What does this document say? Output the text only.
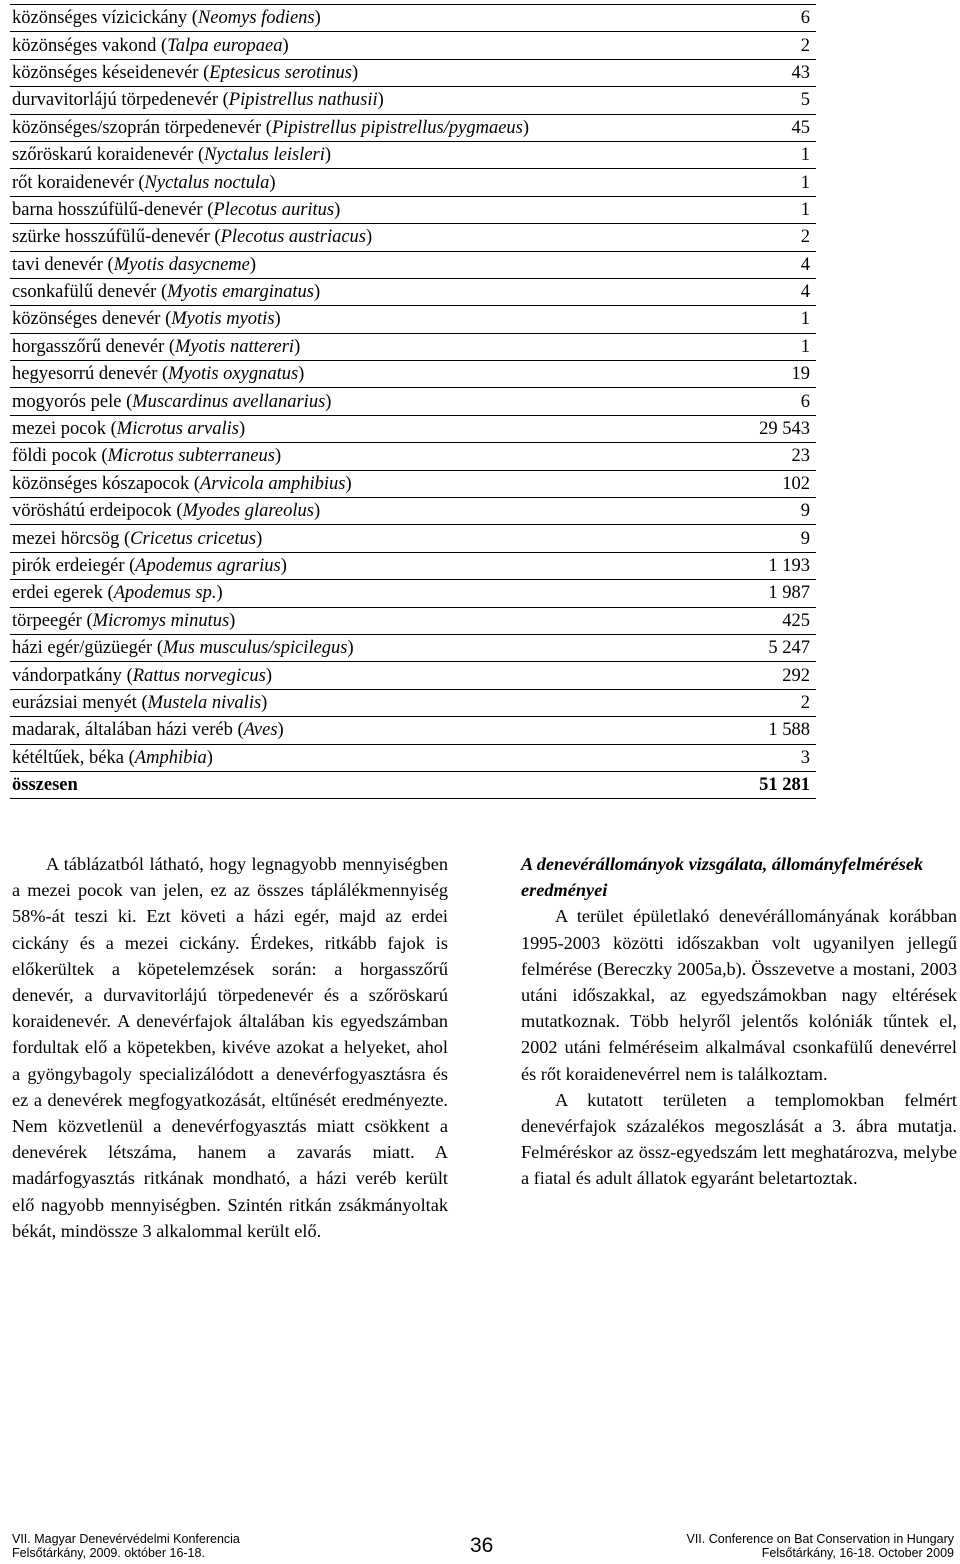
közönséges vízicickány (Neomys fodiens)	6
közönséges vakond (Talpa europaea)	2
közönséges késeidenevér (Eptesicus serotinus)	43
durvavitorlájú törpedenevér (Pipistrellus nathusii)	5
közönséges/szoprán törpedenevér (Pipistrellus pipistrellus/pygmaeus)	45
szőröskarú koraidenevér (Nyctalus leisleri)	1
rőt koraidenevér (Nyctalus noctula)	1
barna hosszúfülű-denevér (Plecotus auritus)	1
szürke hosszúfülű-denevér (Plecotus austriacus)	2
tavi denevér (Myotis dasycneme)	4
csonkafülű denevér (Myotis emarginatus)	4
közönséges denevér (Myotis myotis)	1
horgasszőrű denevér (Myotis nattereri)	1
hegyesorrú denevér (Myotis oxygnatus)	19
mogyorós pele (Muscardinus avellanarius)	6
mezei pocok (Microtus arvalis)	29 543
földi pocok (Microtus subterraneus)	23
közönséges kószapocok (Arvicola amphibius)	102
vöröshátú erdeipocok (Myodes glareolus)	9
mezei hörcsög (Cricetus cricetus)	9
pirók erdeiegér (Apodemus agrarius)	1 193
erdei egerek (Apodemus sp.)	1 987
törpeegér (Micromys minutus)	425
házi egér/güzüegér (Mus musculus/spicilegus)	5 247
vándorpatkány (Rattus norvegicus)	292
eurázsiai menyét (Mustela nivalis)	2
madarak, általában házi veréb (Aves)	1 588
kétéltűek, béka (Amphibia)	3
összesen	51 281

A táblázatból látható, hogy legnagyobb mennyiségben a mezei pocok van jelen, ez az összes táplálékmennyiség 58%-át teszi ki. Ezt követi a házi egér, majd az erdei cickány és a mezei cickány. Érdekes, ritkább fajok is előkerültek a köpetelemzések során: a horgasszőrű denevér, a durvavitorlájú törpedenevér és a szőröskarú koraidenevér. A denevérfajok általában kis egyedszámban fordultak elő a köpetekben, kivéve azokat a helyeket, ahol a gyöngybagoly specializálódott a denevérfogyasztásra és ez a denevérek megfogyatkozását, eltűnését eredményezte. Nem közvetlenül a denevérfogyasztás miatt csökkent a denevérek létszáma, hanem a zavarás miatt. A madárfogyasztás ritkának mondható, a házi veréb került elő nagyobb mennyiségben. Szintén ritkán zsákmányoltak békát, mindössze 3 alkalommal került elő.

A denevérállományok vizsgálata, állományfelmérések eredményei

A terület épületlakó denevérállományának korábban 1995-2003 közötti időszakban volt ugyanilyen jellegű felmérése (Bereczky 2005a,b). Összevetve a mostani, 2003 utáni időszakkal, az egyedszámokban nagy eltérések mutatkoznak. Több helyről jelentős kolóniák tűntek el, 2002 utáni felméréseim alkalmával csonkafülű denevérrel és rőt koraidenevérrel nem is találkoztam.

A kutatott területen a templomokban felmért denevérfajok százalékos megoszlását a 3. ábra mutatja. Felméréskor az össz-egyedszám lett meghatározva, melybe a fiatal és adult állatok egyaránt beletartoztak.

VII. Magyar Denevérvédelmi Konferencia
Felsőtárkány, 2009. október 16-18.	36	VII. Conference on Bat Conservation in Hungary
Felsőtárkány, 16-18. October 2009
